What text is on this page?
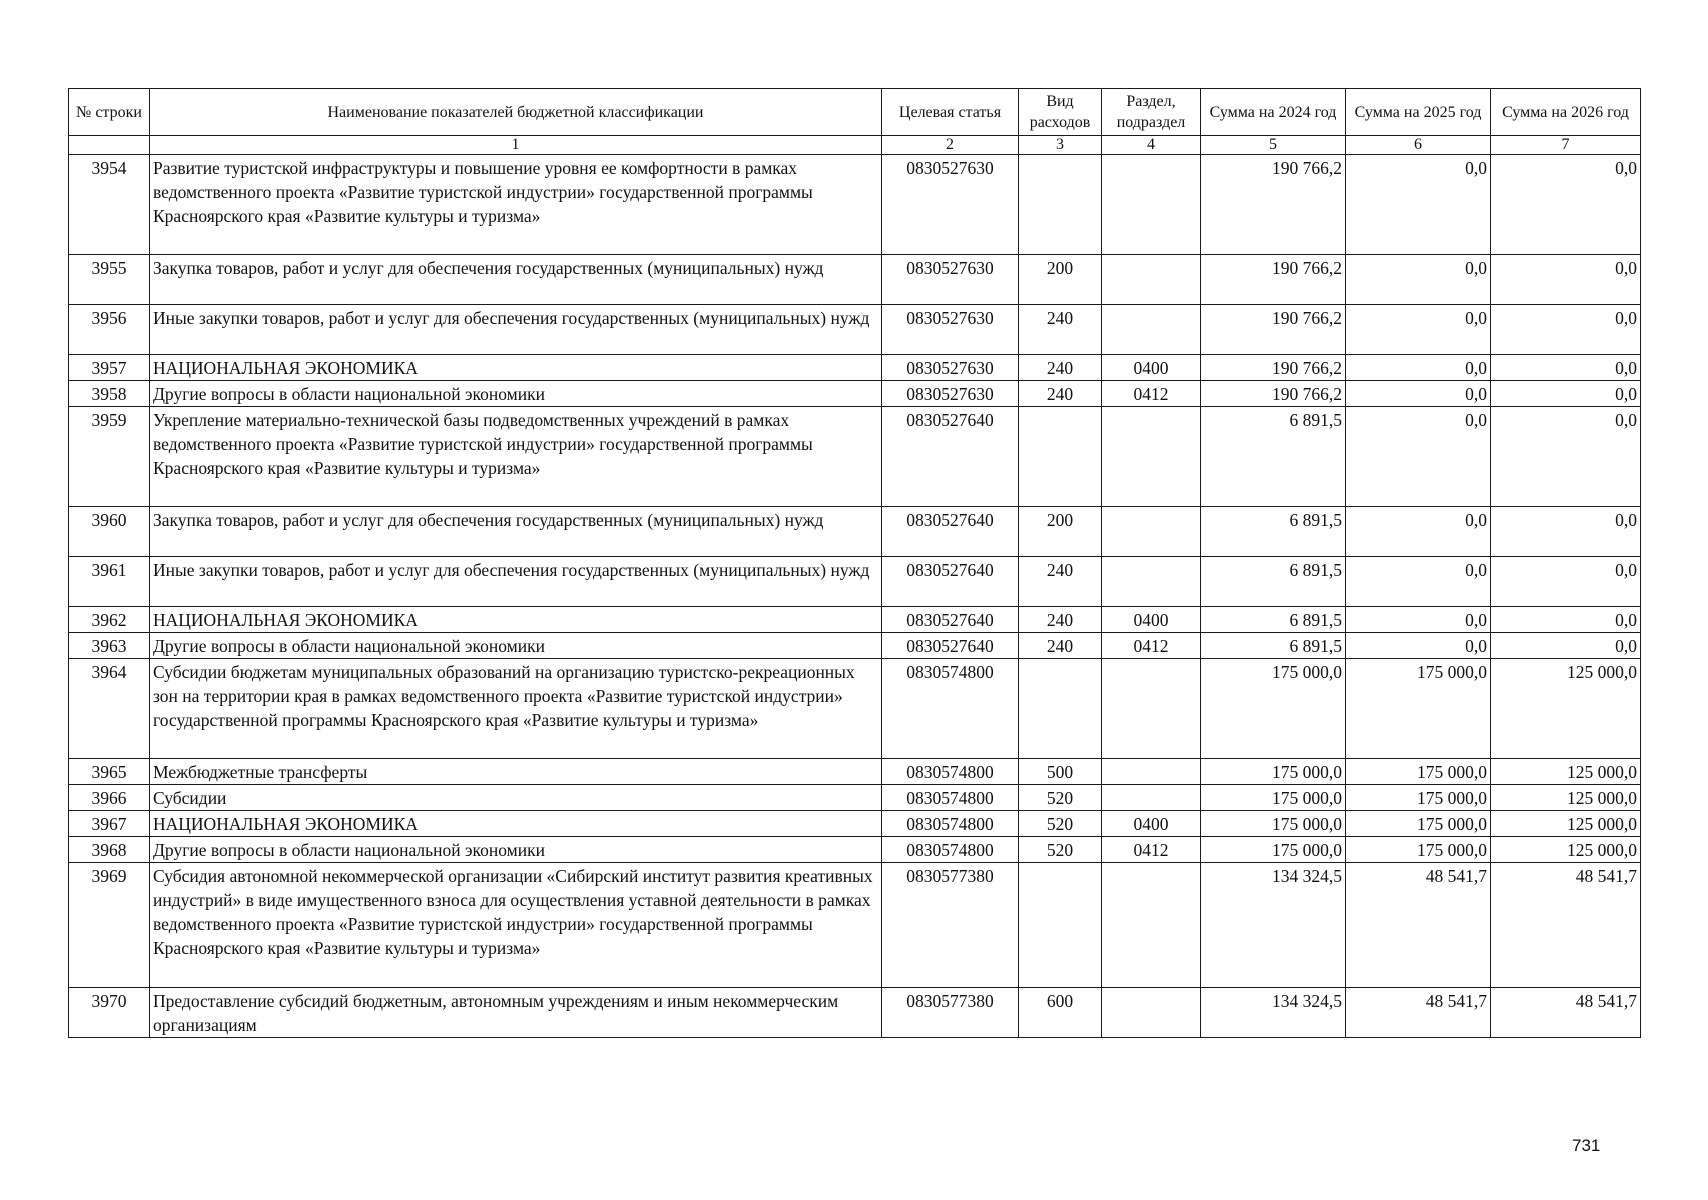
№ строки	Наименование показателей бюджетной классификации	Целевая статья	Вид расходов	Раздел, подраздел	Сумма на 2024 год	Сумма на 2025 год	Сумма на 2026 год
	1	2	3	4	5	6	7
3954	Развитие туристской инфраструктуры и повышение уровня ее комфортности в рамках ведомственного проекта «Развитие туристской индустрии» государственной программы Красноярского края «Развитие культуры и туризма»	0830527630			190 766,2	0,0	0,0
3955	Закупка товаров, работ и услуг для обеспечения государственных (муниципальных) нужд	0830527630	200		190 766,2	0,0	0,0
3956	Иные закупки товаров, работ и услуг для обеспечения государственных (муниципальных) нужд	0830527630	240		190 766,2	0,0	0,0
3957	НАЦИОНАЛЬНАЯ ЭКОНОМИКА	0830527630	240	0400	190 766,2	0,0	0,0
3958	Другие вопросы в области национальной экономики	0830527630	240	0412	190 766,2	0,0	0,0
3959	Укрепление материально-технической базы подведомственных учреждений в рамках ведомственного проекта «Развитие туристской индустрии» государственной программы Красноярского края «Развитие культуры и туризма»	0830527640			6 891,5	0,0	0,0
3960	Закупка товаров, работ и услуг для обеспечения государственных (муниципальных) нужд	0830527640	200		6 891,5	0,0	0,0
3961	Иные закупки товаров, работ и услуг для обеспечения государственных (муниципальных) нужд	0830527640	240		6 891,5	0,0	0,0
3962	НАЦИОНАЛЬНАЯ ЭКОНОМИКА	0830527640	240	0400	6 891,5	0,0	0,0
3963	Другие вопросы в области национальной экономики	0830527640	240	0412	6 891,5	0,0	0,0
3964	Субсидии бюджетам муниципальных образований на организацию туристско-рекреационных зон на территории края в рамках ведомственного проекта «Развитие туристской индустрии» государственной программы Красноярского края «Развитие культуры и туризма»	0830574800			175 000,0	175 000,0	125 000,0
3965	Межбюджетные трансферты	0830574800	500		175 000,0	175 000,0	125 000,0
3966	Субсидии	0830574800	520		175 000,0	175 000,0	125 000,0
3967	НАЦИОНАЛЬНАЯ ЭКОНОМИКА	0830574800	520	0400	175 000,0	175 000,0	125 000,0
3968	Другие вопросы в области национальной экономики	0830574800	520	0412	175 000,0	175 000,0	125 000,0
3969	Субсидия автономной некоммерческой организации «Сибирский институт развития креативных индустрий» в виде имущественного взноса для осуществления уставной деятельности в рамках ведомственного проекта «Развитие туристской индустрии» государственной программы Красноярского края «Развитие культуры и туризма»	0830577380			134 324,5	48 541,7	48 541,7
3970	Предоставление субсидий бюджетным, автономным учреждениям и иным некоммерческим организациям	0830577380	600		134 324,5	48 541,7	48 541,7
731
